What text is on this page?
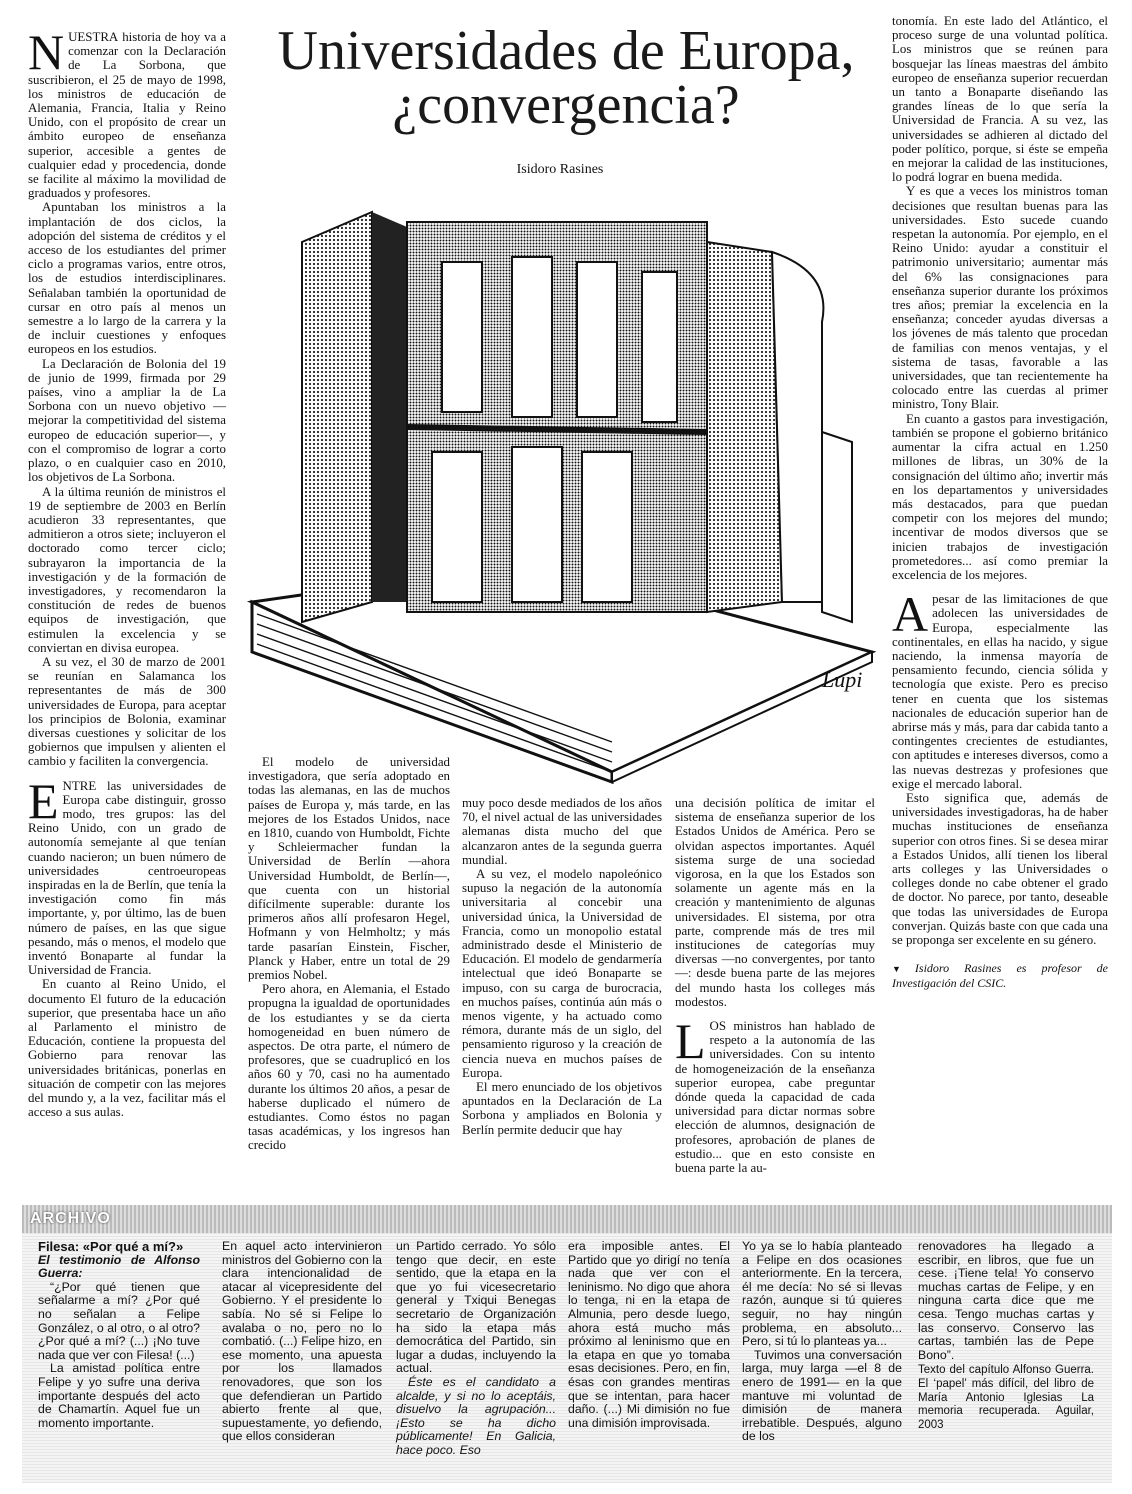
Universidades de Europa, ¿convergencia?
Isidoro Rasines
Lupi

NUESTRA historia de hoy va a comenzar con la Declaración de La Sorbona, que suscribieron, el 25 de mayo de 1998, los ministros de educación de Alemania, Francia, Italia y Reino Unido, con el propósito de crear un ámbito europeo de enseñanza superior, accesible a gentes de cualquier edad y procedencia, donde se facilite al máximo la movilidad de graduados y profesores.

Apuntaban los ministros a la implantación de dos ciclos, la adopción del sistema de créditos y el acceso de los estudiantes del primer ciclo a programas varios, entre otros, los de estudios interdisciplinares. Señalaban también la oportunidad de cursar en otro país al menos un semestre a lo largo de la carrera y la de incluir cuestiones y enfoques europeos en los estudios.

La Declaración de Bolonia del 19 de junio de 1999, firmada por 29 países, vino a ampliar la de La Sorbona con un nuevo objetivo —mejorar la competitividad del sistema europeo de educación superior—, y con el compromiso de lograr a corto plazo, o en cualquier caso en 2010, los objetivos de La Sorbona.

A la última reunión de ministros el 19 de septiembre de 2003 en Berlín acudieron 33 representantes, que admitieron a otros siete; incluyeron el doctorado como tercer ciclo; subrayaron la importancia de la investigación y de la formación de investigadores, y recomendaron la constitución de redes de buenos equipos de investigación, que estimulen la excelencia y se conviertan en divisa europea.

A su vez, el 30 de marzo de 2001 se reunían en Salamanca los representantes de más de 300 universidades de Europa, para aceptar los principios de Bolonia, examinar diversas cuestiones y solicitar de los gobiernos que impulsen y alienten el cambio y faciliten la convergencia.

ENTRE las universidades de Europa cabe distinguir, grosso modo, tres grupos: las del Reino Unido, con un grado de autonomía semejante al que tenían cuando nacieron; un buen número de universidades centroeuropeas inspiradas en la de Berlín, que tenía la investigación como fin más importante, y, por último, las de buen número de países, en las que sigue pesando, más o menos, el modelo que inventó Bonaparte al fundar la Universidad de Francia.

En cuanto al Reino Unido, el documento El futuro de la educación superior, que presentaba hace un año al Parlamento el ministro de Educación, contiene la propuesta del Gobierno para renovar las universidades británicas, ponerlas en situación de competir con las mejores del mundo y, a la vez, facilitar más el acceso a sus aulas.

El modelo de universidad investigadora, que sería adoptado en todas las alemanas, en las de muchos países de Europa y, más tarde, en las mejores de los Estados Unidos, nace en 1810, cuando von Humboldt, Fichte y Schleiermacher fundan la Universidad de Berlín —ahora Universidad Humboldt, de Berlín—, que cuenta con un historial difícilmente superable: durante los primeros años allí profesaron Hegel, Hofmann y von Helmholtz; y más tarde pasarían Einstein, Fischer, Planck y Haber, entre un total de 29 premios Nobel.

Pero ahora, en Alemania, el Estado propugna la igualdad de oportunidades de los estudiantes y se da cierta homogeneidad en buen número de aspectos. De otra parte, el número de profesores, que se cuadruplicó en los años 60 y 70, casi no ha aumentado durante los últimos 20 años, a pesar de haberse duplicado el número de estudiantes. Como éstos no pagan tasas académicas, y los ingresos han crecido

muy poco desde mediados de los años 70, el nivel actual de las universidades alemanas dista mucho del que alcanzaron antes de la segunda guerra mundial.

A su vez, el modelo napoleónico supuso la negación de la autonomía universitaria al concebir una universidad única, la Universidad de Francia, como un monopolio estatal administrado desde el Ministerio de Educación. El modelo de gendarmería intelectual que ideó Bonaparte se impuso, con su carga de burocracia, en muchos países, continúa aún más o menos vigente, y ha actuado como rémora, durante más de un siglo, del pensamiento riguroso y la creación de ciencia nueva en muchos países de Europa.

El mero enunciado de los objetivos apuntados en la Declaración de La Sorbona y ampliados en Bolonia y Berlín permite deducir que hay

una decisión política de imitar el sistema de enseñanza superior de los Estados Unidos de América. Pero se olvidan aspectos importantes. Aquél sistema surge de una sociedad vigorosa, en la que los Estados son solamente un agente más en la creación y mantenimiento de algunas universidades. El sistema, por otra parte, comprende más de tres mil instituciones de categorías muy diversas —no convergentes, por tanto—: desde buena parte de las mejores del mundo hasta los colleges más modestos.

LOS ministros han hablado de respeto a la autonomía de las universidades. Con su intento de homogeneización de la enseñanza superior europea, cabe preguntar dónde queda la capacidad de cada universidad para dictar normas sobre elección de alumnos, designación de profesores, aprobación de planes de estudio... que en esto consiste en buena parte la au-

tonomía. En este lado del Atlántico, el proceso surge de una voluntad política. Los ministros que se reúnen para bosquejar las líneas maestras del ámbito europeo de enseñanza superior recuerdan un tanto a Bonaparte diseñando las grandes líneas de lo que sería la Universidad de Francia. A su vez, las universidades se adhieren al dictado del poder político, porque, si éste se empeña en mejorar la calidad de las instituciones, lo podrá lograr en buena medida.

Y es que a veces los ministros toman decisiones que resultan buenas para las universidades. Esto sucede cuando respetan la autonomía. Por ejemplo, en el Reino Unido: ayudar a constituir el patrimonio universitario; aumentar más del 6% las consignaciones para enseñanza superior durante los próximos tres años; premiar la excelencia en la enseñanza; conceder ayudas diversas a los jóvenes de más talento que procedan de familias con menos ventajas, y el sistema de tasas, favorable a las universidades, que tan recientemente ha colocado entre las cuerdas al primer ministro, Tony Blair.

En cuanto a gastos para investigación, también se propone el gobierno británico aumentar la cifra actual en 1.250 millones de libras, un 30% de la consignación del último año; invertir más en los departamentos y universidades más destacados, para que puedan competir con los mejores del mundo; incentivar de modos diversos que se inicien trabajos de investigación prometedores... así como premiar la excelencia de los mejores.

Apesar de las limitaciones de que adolecen las universidades de Europa, especialmente las continentales, en ellas ha nacido, y sigue naciendo, la inmensa mayoría de pensamiento fecundo, ciencia sólida y tecnología que existe. Pero es preciso tener en cuenta que los sistemas nacionales de educación superior han de abrirse más y más, para dar cabida tanto a contingentes crecientes de estudiantes, con aptitudes e intereses diversos, como a las nuevas destrezas y profesiones que exige el mercado laboral.

Esto significa que, además de universidades investigadoras, ha de haber muchas instituciones de enseñanza superior con otros fines. Si se desea mirar a Estados Unidos, allí tienen los liberal arts colleges y las Universidades o colleges donde no cabe obtener el grado de doctor. No parece, por tanto, deseable que todas las universidades de Europa converjan. Quizás baste con que cada una se proponga ser excelente en su género.

▼ Isidoro Rasines es profesor de Investigación del CSIC.

ARCHIVO

Filesa: «Por qué a mí?»

El testimonio de Alfonso Guerra:

“¿Por qué tienen que señalarme a mí? ¿Por qué no señalan a Felipe González, o al otro, o al otro? ¿Por qué a mí? (...) ¡No tuve nada que ver con Filesa! (...)

La amistad política entre Felipe y yo sufre una deriva importante después del acto de Chamartín. Aquel fue un momento importante.

En aquel acto intervinieron ministros del Gobierno con la clara intencionalidad de atacar al vicepresidente del Gobierno. Y el presidente lo sabía. No sé si Felipe lo avalaba o no, pero no lo combatió. (...) Felipe hizo, en ese momento, una apuesta por los llamados renovadores, que son los que defendieran un Partido abierto frente al que, supuestamente, yo defiendo, que ellos consideran

un Partido cerrado. Yo sólo tengo que decir, en este sentido, que la etapa en la que yo fui vicesecretario general y Txiqui Benegas secretario de Organización ha sido la etapa más democrática del Partido, sin lugar a dudas, incluyendo la actual.

Éste es el candidato a alcalde, y si no lo aceptáis, disuelvo la agrupación...¡Esto se ha dicho públicamente! En Galicia, hace poco. Eso

era imposible antes. El Partido que yo dirigí no tenía nada que ver con el leninismo. No digo que ahora lo tenga, ni en la etapa de Almunia, pero desde luego, ahora está mucho más próximo al leninismo que en la etapa en que yo tomaba esas decisiones. Pero, en fin, ésas con grandes mentiras que se intentan, para hacer daño. (...) Mi dimisión no fue una dimisión improvisada.

Yo ya se lo había planteado a Felipe en dos ocasiones anteriormente. En la tercera, él me decía: No sé si llevas razón, aunque si tú quieres seguir, no hay ningún problema, en absoluto... Pero, si tú lo planteas ya...

Tuvimos una conversación larga, muy larga —el 8 de enero de 1991— en la que mantuve mi voluntad de dimisión de manera irrebatible. Después, alguno de los

renovadores ha llegado a escribir, en libros, que fue un cese. ¡Tiene tela! Yo conservo muchas cartas de Felipe, y en ninguna carta dice que me cesa. Tengo muchas cartas y las conservo. Conservo las cartas, también las de Pepe Bono”.

Texto del capítulo Alfonso Guerra. El ‘papel’ más difícil, del libro de María Antonio Iglesias La memoria recuperada. Aguilar, 2003
